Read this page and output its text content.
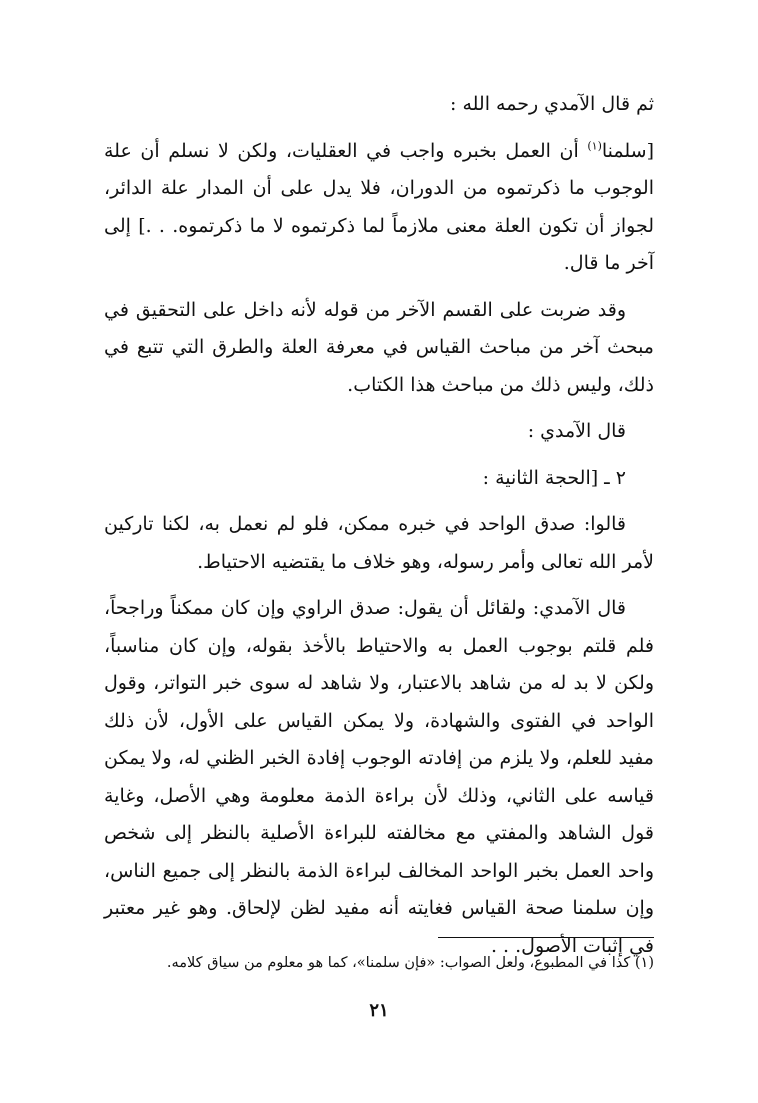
ثم قال الآمدي رحمه الله :

[سلمنا$^{(١)}$ أن العمل بخبره واجب في العقليات، ولكن لا نسلم أن علة الوجوب ما ذكرتموه من الدوران، فلا يدل على أن المدار علة الدائر، لجواز أن تكون العلة معنى ملازماً لما ذكرتموه لا ما ذكرتموه. . .] إلى آخر ما قال.

وقد ضربت على القسم الآخر من قوله لأنه داخل على التحقيق في مبحث آخر من مباحث القياس في معرفة العلة والطرق التي تتبع في ذلك، وليس ذلك من مباحث هذا الكتاب.

قال الآمدي :

٢ ـ [الحجة الثانية :

قالوا: صدق الواحد في خبره ممكن، فلو لم نعمل به، لكنا تاركين لأمر الله تعالى وأمر رسوله، وهو خلاف ما يقتضيه الاحتياط.

قال الآمدي: ولقائل أن يقول: صدق الراوي وإن كان ممكناً وراجحاً، فلم قلتم بوجوب العمل به والاحتياط بالأخذ بقوله، وإن كان مناسباً، ولكن لا بد له من شاهد بالاعتبار، ولا شاهد له سوى خبر التواتر، وقول الواحد في الفتوى والشهادة، ولا يمكن القياس على الأول، لأن ذلك مفيد للعلم، ولا يلزم من إفادته الوجوب إفادة الخبر الظني له، ولا يمكن قياسه على الثاني، وذلك لأن براءة الذمة معلومة وهي الأصل، وغاية قول الشاهد والمفتي مع مخالفته للبراءة الأصلية بالنظر إلى شخص واحد العمل بخبر الواحد المخالف لبراءة الذمة بالنظر إلى جميع الناس، وإن سلمنا صحة القياس فغايته أنه مفيد لظن لإلحاق. وهو غير معتبر في إثبات الأصول. . .

(١) كذا في المطبوع، ولعل الصواب: «فإن سلمنا»، كما هو معلوم من سياق كلامه.
٢١
